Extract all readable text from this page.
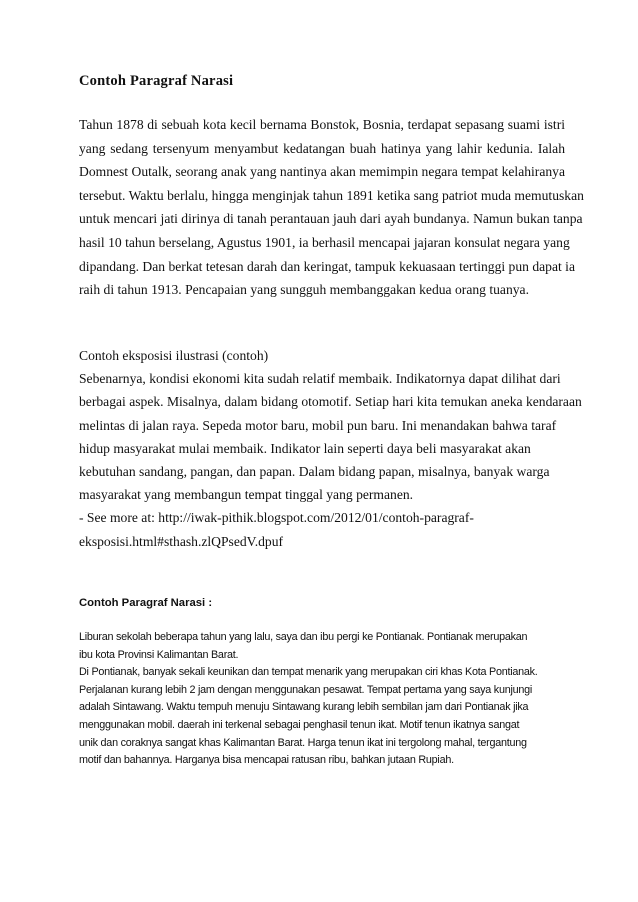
Contoh Paragraf Narasi

Tahun 1878 di sebuah kota kecil bernama Bonstok, Bosnia, terdapat sepasang suami istri
yang sedang tersenyum menyambut kedatangan buah hatinya yang lahir kedunia. Ialah
Domnest Outalk, seorang anak yang nantinya akan memimpin negara tempat kelahiranya
tersebut. Waktu berlalu, hingga menginjak tahun 1891 ketika sang patriot muda memutuskan
untuk mencari jati dirinya di tanah perantauan jauh dari ayah bundanya. Namun bukan tanpa
hasil 10 tahun berselang, Agustus 1901, ia berhasil mencapai jajaran konsulat negara yang
dipandang. Dan berkat tetesan darah dan keringat, tampuk kekuasaan tertinggi pun dapat ia
raih di tahun 1913. Pencapaian yang sungguh membanggakan kedua orang tuanya.

Contoh eksposisi ilustrasi (contoh)
Sebenarnya, kondisi ekonomi kita sudah relatif membaik. Indikatornya dapat dilihat dari
berbagai aspek. Misalnya, dalam bidang otomotif. Setiap hari kita temukan aneka kendaraan
melintas di jalan raya. Sepeda motor baru, mobil pun baru. Ini menandakan bahwa taraf
hidup masyarakat mulai membaik. Indikator lain seperti daya beli masyarakat akan
kebutuhan sandang, pangan, dan papan. Dalam bidang papan, misalnya, banyak warga
masyarakat yang membangun tempat tinggal yang permanen.
- See more at: http://iwak-pithik.blogspot.com/2012/01/contoh-paragraf-
eksposisi.html#sthash.zlQPsedV.dpuf

Contoh Paragraf Narasi :

Liburan sekolah beberapa tahun yang lalu, saya dan ibu pergi ke Pontianak. Pontianak merupakan
ibu kota Provinsi Kalimantan Barat.
Di Pontianak, banyak sekali keunikan dan tempat menarik yang merupakan ciri khas Kota Pontianak.
Perjalanan kurang lebih 2 jam dengan menggunakan pesawat. Tempat pertama yang saya kunjungi
adalah Sintawang. Waktu tempuh menuju Sintawang kurang lebih sembilan jam dari Pontianak jika
menggunakan mobil. daerah ini terkenal sebagai penghasil tenun ikat. Motif tenun ikatnya sangat
unik dan coraknya sangat khas Kalimantan Barat. Harga tenun ikat ini tergolong mahal, tergantung
motif dan bahannya. Harganya bisa mencapai ratusan ribu, bahkan jutaan Rupiah.
